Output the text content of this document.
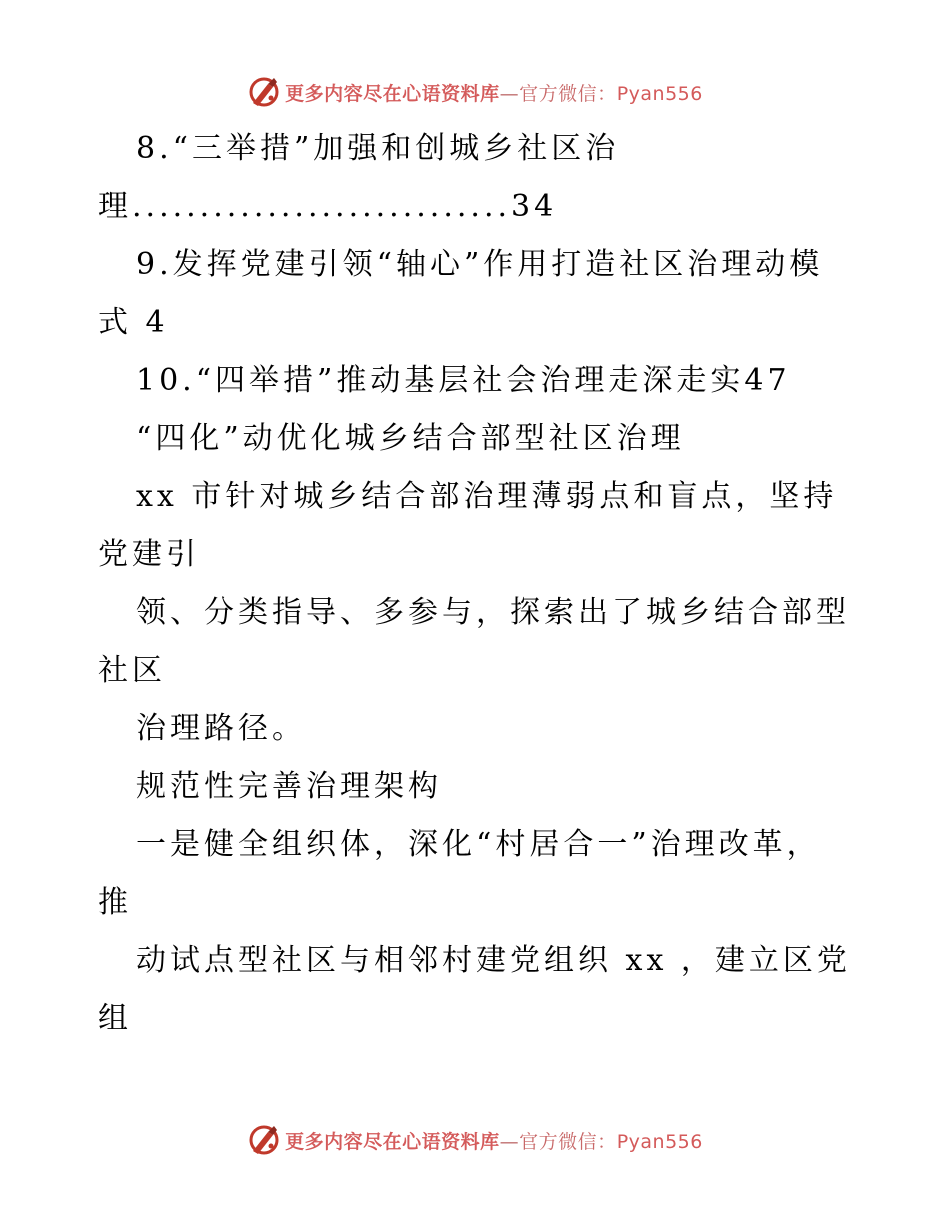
更多内容尽在心语资料库—官方微信：Pyan556
8.“三举措”加强和创城乡社区治
理............................34
9.发挥党建引领“轴心”作用打造社区治理动模
式 4
10.“四举措”推动基层社会治理走深走实47
“四化”动优化城乡结合部型社区治理
xx 市针对城乡结合部治理薄弱点和盲点，坚持
党建引
领、分类指导、多参与，探索出了城乡结合部型
社区
治理路径。
规范性完善治理架构
一是健全组织体，深化“村居合一”治理改革，
推
动试点型社区与相邻村建党组织 xx ，建立区党
组
更多内容尽在心语资料库—官方微信：Pyan556
